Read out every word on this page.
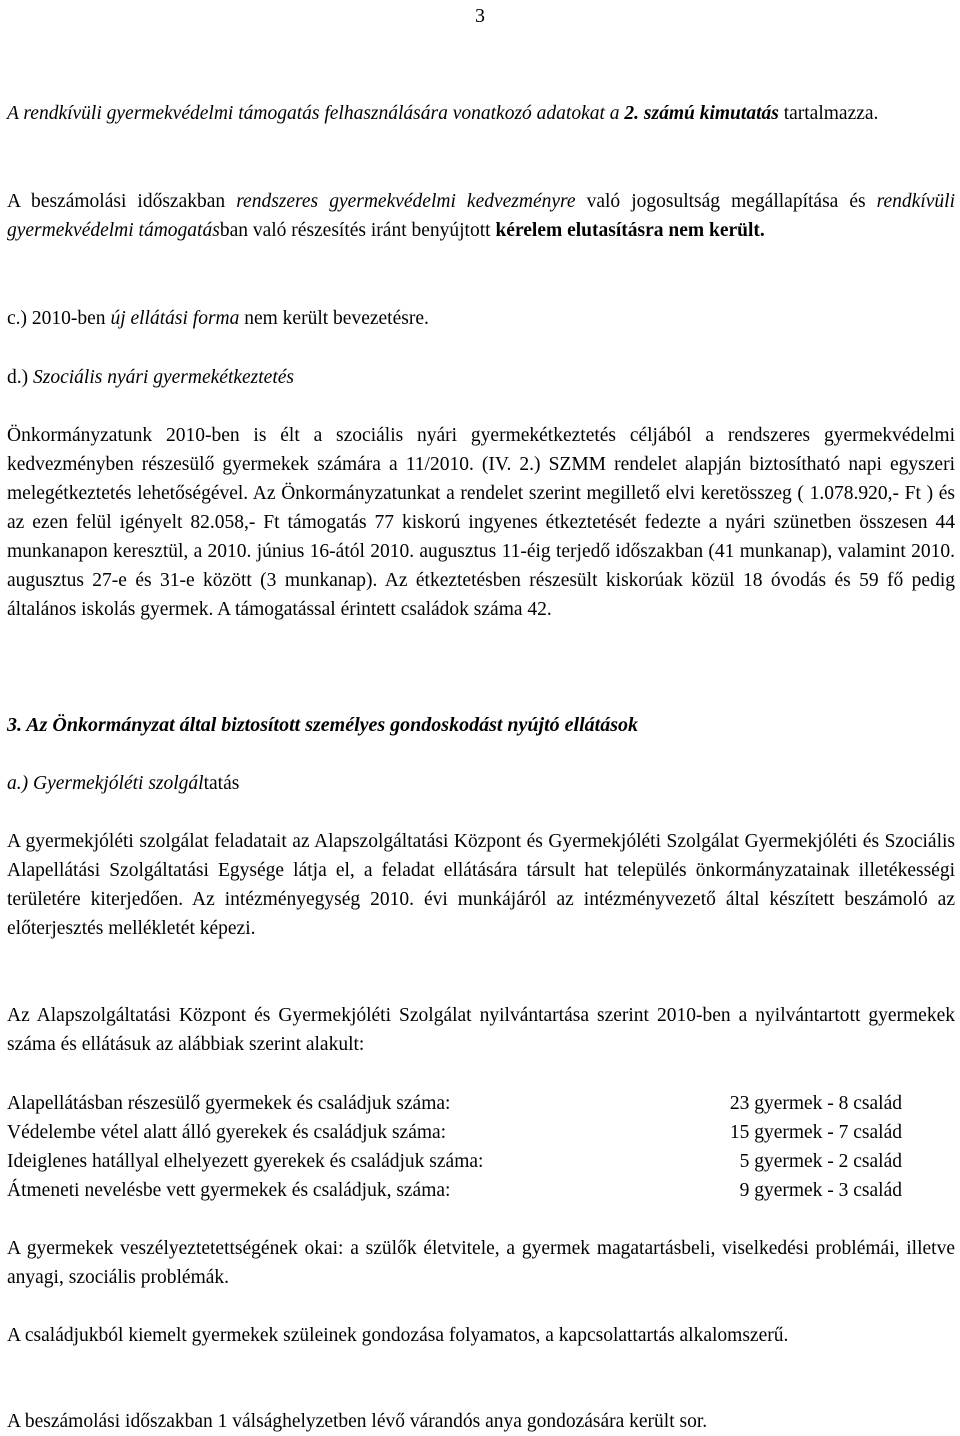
3

A rendkívüli gyermekvédelmi támogatás felhasználására vonatkozó adatokat a 2. számú kimutatás tartalmazza.

A beszámolási időszakban rendszeres gyermekvédelmi kedvezményre való jogosultság megállapítása és rendkívüli gyermekvédelmi támogatásban való részesítés iránt benyújtott kérelem elutasításra nem került.

c.) 2010-ben új ellátási forma nem került bevezetésre.

d.) Szociális nyári gyermekétkeztetés

Önkormányzatunk 2010-ben is élt a szociális nyári gyermekétkeztetés céljából a rendszeres gyermekvédelmi kedvezményben részesülő gyermekek számára a 11/2010. (IV. 2.) SZMM rendelet alapján biztosítható napi egyszeri melegétkeztetés lehetőségével. Az Önkormányzatunkat a rendelet szerint megillető elvi keretösszeg ( 1.078.920,- Ft ) és az ezen felül igényelt 82.058,- Ft támogatás 77 kiskorú ingyenes étkeztetését fedezte a nyári szünetben összesen 44 munkanapon keresztül, a 2010. június 16-ától 2010. augusztus 11-éig terjedő időszakban (41 munkanap), valamint 2010. augusztus 27-e és 31-e között (3 munkanap). Az étkeztetésben részesült kiskorúak közül 18 óvodás és 59 fő pedig általános iskolás gyermek. A támogatással érintett családok száma 42.

3. Az Önkormányzat által biztosított személyes gondoskodást nyújtó ellátások

a.) Gyermekjóléti szolgáltatás

A gyermekjóléti szolgálat feladatait az Alapszolgáltatási Központ és Gyermekjóléti Szolgálat Gyermekjóléti és Szociális Alapellátási Szolgáltatási Egysége látja el, a feladat ellátására társult hat település önkormányzatainak illetékességi területére kiterjedően. Az intézményegység 2010. évi munkájáról az intézményvezető által készített beszámoló az előterjesztés mellékletét képezi.

Az Alapszolgáltatási Központ és Gyermekjóléti Szolgálat nyilvántartása szerint 2010-ben a nyilvántartott gyermekek száma és ellátásuk az alábbiak szerint alakult:

Alapellátásban részesülő gyermekek és családjuk száma:	23 gyermek - 8 család
Védelembe vétel alatt álló gyerekek és családjuk száma:	15 gyermek - 7 család
Ideiglenes hatállyal elhelyezett gyerekek és családjuk száma:	5 gyermek - 2 család
Átmeneti nevelésbe vett gyermekek és családjuk, száma:	9 gyermek - 3 család

A gyermekek veszélyeztetettségének okai: a szülők életvitele, a gyermek magatartásbeli, viselkedési problémái, illetve anyagi, szociális problémák.

A családjukból kiemelt gyermekek szüleinek gondozása folyamatos, a kapcsolattartás alkalomszerű.

A beszámolási időszakban 1 válsághelyzetben lévő várandós anya gondozására került sor.
